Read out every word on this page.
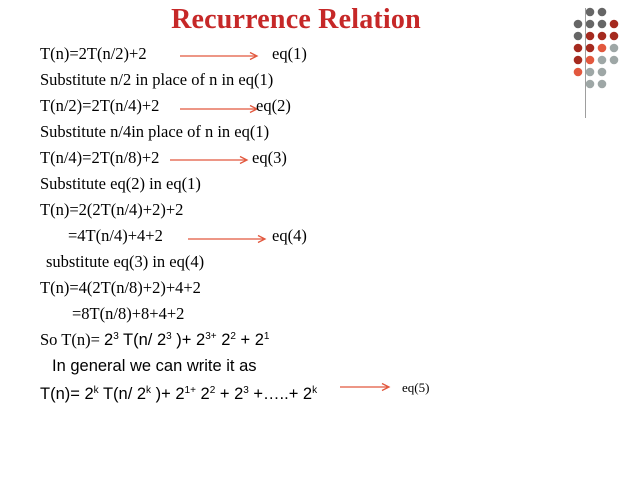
Recurrence Relation
T(n)=2T(n/2)+2	eq(1)
Substitute n/2 in place of n in eq(1)
T(n/2)=2T(n/4)+2	eq(2)
Substitute n/4in place of n in eq(1)
T(n/4)=2T(n/8)+2	eq(3)
Substitute eq(2) in eq(1)
T(n)=2(2T(n/4)+2)+2
=4T(n/4)+4+2	eq(4)
substitute eq(3) in eq(4)
T(n)=4(2T(n/8)+2)+4+2
=8T(n/8)+8+4+2
So $T(n)= 2^3$ T(n/ $2^3$ )+ $2^{3+}$ $2^2 + 2^1$
In general we can write it as
$T(n)= 2^k$ T(n/ 2$^k$ )+ $2^{1+}$ $2^2 + 2^3$ +…..+ $2^k$	eq(5)
